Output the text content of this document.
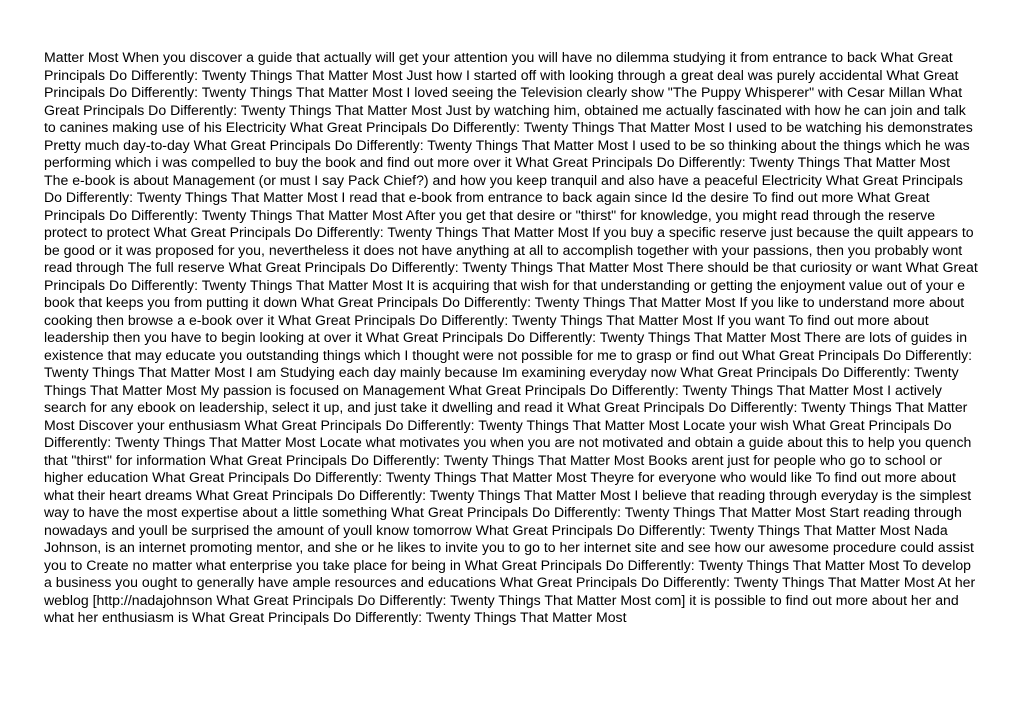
Matter Most When you discover a guide that actually will get your attention you will have no dilemma studying it from entrance to back What Great Principals Do Differently: Twenty Things That Matter Most Just how I started off with looking through a great deal was purely accidental What Great Principals Do Differently: Twenty Things That Matter Most I loved seeing the Television clearly show "The Puppy Whisperer" with Cesar Millan What Great Principals Do Differently: Twenty Things That Matter Most Just by watching him, obtained me actually fascinated with how he can join and talk to canines making use of his Electricity What Great Principals Do Differently: Twenty Things That Matter Most I used to be watching his demonstrates Pretty much day-to-day What Great Principals Do Differently: Twenty Things That Matter Most I used to be so thinking about the things which he was performing which i was compelled to buy the book and find out more over it What Great Principals Do Differently: Twenty Things That Matter Most The e-book is about Management (or must I say Pack Chief?) and how you keep tranquil and also have a peaceful Electricity What Great Principals Do Differently: Twenty Things That Matter Most I read that e-book from entrance to back again since Id the desire To find out more What Great Principals Do Differently: Twenty Things That Matter Most After you get that desire or "thirst" for knowledge, you might read through the reserve protect to protect What Great Principals Do Differently: Twenty Things That Matter Most If you buy a specific reserve just because the quilt appears to be good or it was proposed for you, nevertheless it does not have anything at all to accomplish together with your passions, then you probably wont read through The full reserve What Great Principals Do Differently: Twenty Things That Matter Most There should be that curiosity or want What Great Principals Do Differently: Twenty Things That Matter Most It is acquiring that wish for that understanding or getting the enjoyment value out of your e book that keeps you from putting it down What Great Principals Do Differently: Twenty Things That Matter Most If you like to understand more about cooking then browse a e-book over it What Great Principals Do Differently: Twenty Things That Matter Most If you want To find out more about leadership then you have to begin looking at over it What Great Principals Do Differently: Twenty Things That Matter Most There are lots of guides in existence that may educate you outstanding things which I thought were not possible for me to grasp or find out What Great Principals Do Differently: Twenty Things That Matter Most I am Studying each day mainly because Im examining everyday now What Great Principals Do Differently: Twenty Things That Matter Most My passion is focused on Management What Great Principals Do Differently: Twenty Things That Matter Most I actively search for any ebook on leadership, select it up, and just take it dwelling and read it What Great Principals Do Differently: Twenty Things That Matter Most Discover your enthusiasm What Great Principals Do Differently: Twenty Things That Matter Most Locate your wish What Great Principals Do Differently: Twenty Things That Matter Most Locate what motivates you when you are not motivated and obtain a guide about this to help you quench that "thirst" for information What Great Principals Do Differently: Twenty Things That Matter Most Books arent just for people who go to school or higher education What Great Principals Do Differently: Twenty Things That Matter Most Theyre for everyone who would like To find out more about what their heart dreams What Great Principals Do Differently: Twenty Things That Matter Most I believe that reading through everyday is the simplest way to have the most expertise about a little something What Great Principals Do Differently: Twenty Things That Matter Most Start reading through nowadays and youll be surprised the amount of youll know tomorrow What Great Principals Do Differently: Twenty Things That Matter Most Nada Johnson, is an internet promoting mentor, and she or he likes to invite you to go to her internet site and see how our awesome procedure could assist you to Create no matter what enterprise you take place for being in What Great Principals Do Differently: Twenty Things That Matter Most To develop a business you ought to generally have ample resources and educations What Great Principals Do Differently: Twenty Things That Matter Most At her weblog [http://nadajohnson What Great Principals Do Differently: Twenty Things That Matter Most com] it is possible to find out more about her and what her enthusiasm is What Great Principals Do Differently: Twenty Things That Matter Most
